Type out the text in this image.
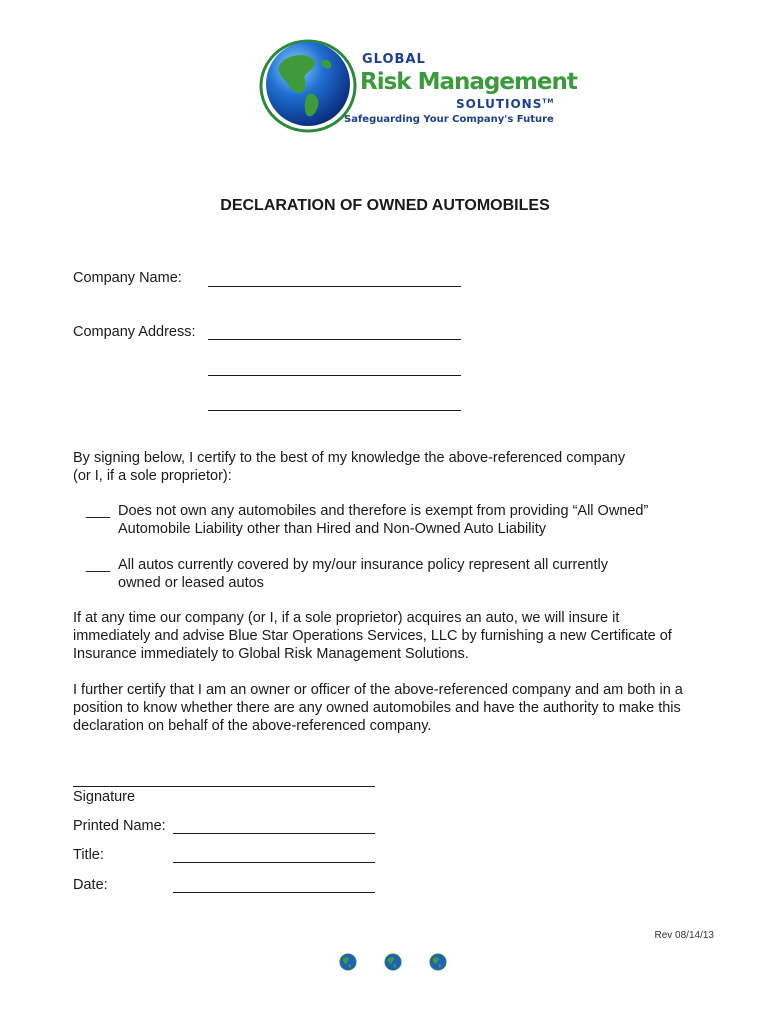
GLOBAL
Risk Management
SOLUTIONS™
Safeguarding Your Company's Future
DECLARATION OF OWNED AUTOMOBILES
Company Name:
Company Address:
By signing below, I certify to the best of my knowledge the above-referenced company
(or I, if a sole proprietor):
___ Does not own any automobiles and therefore is exempt from providing “All Owned”
Automobile Liability other than Hired and Non-Owned Auto Liability
___ All autos currently covered by my/our insurance policy represent all currently
owned or leased autos
If at any time our company (or I, if a sole proprietor) acquires an auto, we will insure it
immediately and advise Blue Star Operations Services, LLC by furnishing a new Certificate of
Insurance immediately to Global Risk Management Solutions.
I further certify that I am an owner or officer of the above-referenced company and am both in a
position to know whether there are any owned automobiles and have the authority to make this
declaration on behalf of the above-referenced company.
Signature
Printed Name:
Title:
Date:
Rev 08/14/13
